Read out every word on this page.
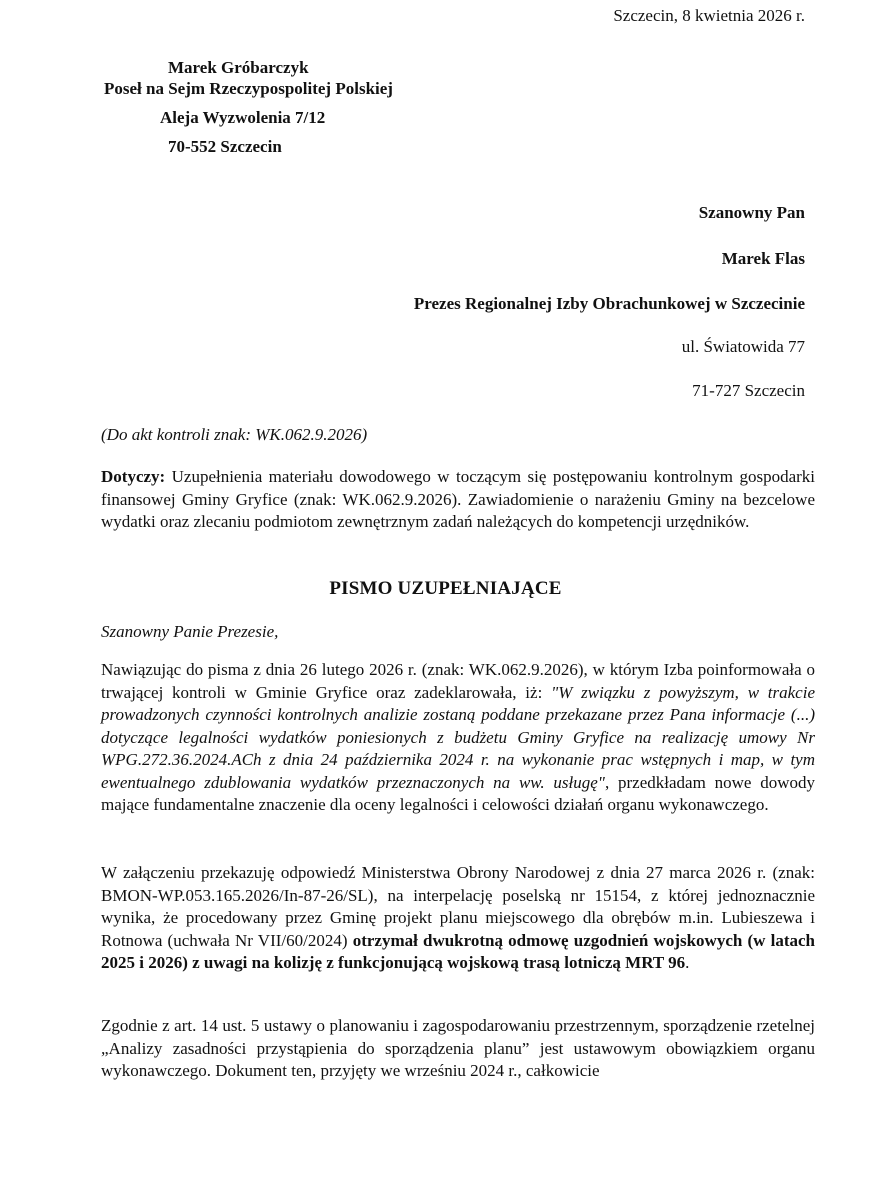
Szczecin, 8 kwietnia 2026 r.
Marek Gróbarczyk
Poseł na Sejm Rzeczypospolitej Polskiej
Aleja Wyzwolenia 7/12
70-552 Szczecin
Szanowny Pan
Marek Flas
Prezes Regionalnej Izby Obrachunkowej w Szczecinie
ul. Światowida 77
71-727 Szczecin
(Do akt kontroli znak: WK.062.9.2026)
Dotyczy: Uzupełnienia materiału dowodowego w toczącym się postępowaniu kontrolnym gospodarki finansowej Gminy Gryfice (znak: WK.062.9.2026). Zawiadomienie o narażeniu Gminy na bezcelowe wydatki oraz zlecaniu podmiotom zewnętrznym zadań należących do kompetencji urzędników.
PISMO UZUPEŁNIAJĄCE
Szanowny Panie Prezesie,
Nawiązując do pisma z dnia 26 lutego 2026 r. (znak: WK.062.9.2026), w którym Izba poinformowała o trwającej kontroli w Gminie Gryfice oraz zadeklarowała, iż: "W związku z powyższym, w trakcie prowadzonych czynności kontrolnych analizie zostaną poddane przekazane przez Pana informacje (...) dotyczące legalności wydatków poniesionych z budżetu Gminy Gryfice na realizację umowy Nr WPG.272.36.2024.ACh z dnia 24 października 2024 r. na wykonanie prac wstępnych i map, w tym ewentualnego zdublowania wydatków przeznaczonych na ww. usługę", przedkładam nowe dowody mające fundamentalne znaczenie dla oceny legalności i celowości działań organu wykonawczego.
W załączeniu przekazuję odpowiedź Ministerstwa Obrony Narodowej z dnia 27 marca 2026 r. (znak: BMON-WP.053.165.2026/In-87-26/SL), na interpelację poselską nr 15154, z której jednoznacznie wynika, że procedowany przez Gminę projekt planu miejscowego dla obrębów m.in. Lubieszewa i Rotnowa (uchwała Nr VII/60/2024) otrzymał dwukrotną odmowę uzgodnień wojskowych (w latach 2025 i 2026) z uwagi na kolizję z funkcjonującą wojskową trasą lotniczą MRT 96.
Zgodnie z art. 14 ust. 5 ustawy o planowaniu i zagospodarowaniu przestrzennym, sporządzenie rzetelnej „Analizy zasadności przystąpienia do sporządzenia planu” jest ustawowym obowiązkiem organu wykonawczego. Dokument ten, przyjęty we wrześniu 2024 r., całkowicie
